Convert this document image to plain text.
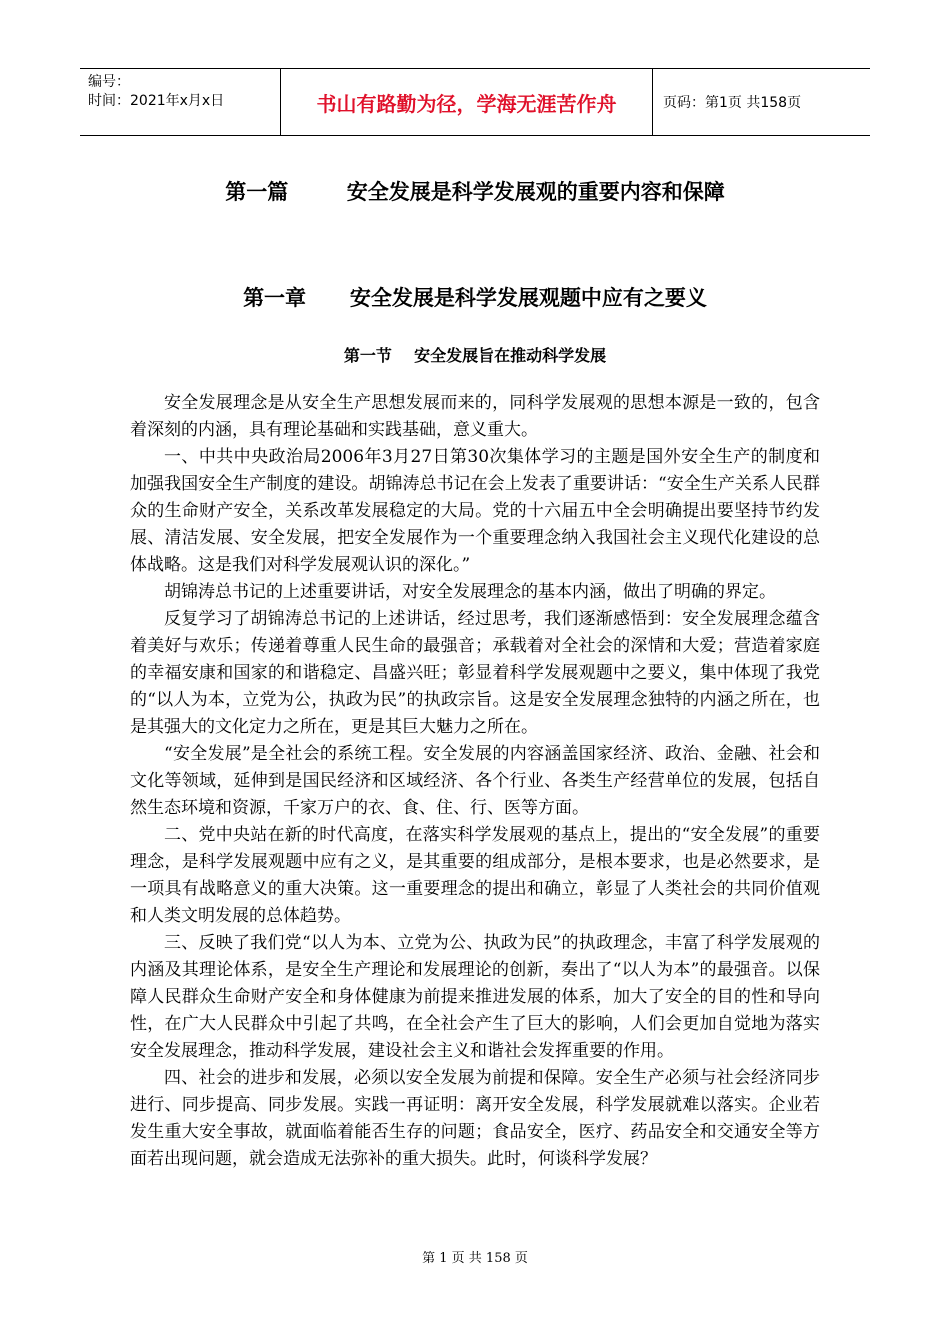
编号：
时间：2021年x月x日	书山有路勤为径，学海无涯苦作舟	页码：第1页 共158页
第一篇        安全发展是科学发展观的重要内容和保障
第一章      安全发展是科学发展观题中应有之要义
第一节    安全发展旨在推动科学发展

安全发展理念是从安全生产思想发展而来的，同科学发展观的思想本源是一致的，包含着深刻的内涵，具有理论基础和实践基础，意义重大。

一、中共中央政治局2006年3月27日第30次集体学习的主题是国外安全生产的制度和加强我国安全生产制度的建设。胡锦涛总书记在会上发表了重要讲话：“安全生产关系人民群众的生命财产安全，关系改革发展稳定的大局。党的十六届五中全会明确提出要坚持节约发展、清洁发展、安全发展，把安全发展作为一个重要理念纳入我国社会主义现代化建设的总体战略。这是我们对科学发展观认识的深化。”

胡锦涛总书记的上述重要讲话，对安全发展理念的基本内涵，做出了明确的界定。

反复学习了胡锦涛总书记的上述讲话，经过思考，我们逐渐感悟到：安全发展理念蕴含着美好与欢乐；传递着尊重人民生命的最强音；承载着对全社会的深情和大爱；营造着家庭的幸福安康和国家的和谐稳定、昌盛兴旺；彰显着科学发展观题中之要义，集中体现了我党的“以人为本，立党为公，执政为民”的执政宗旨。这是安全发展理念独特的内涵之所在，也是其强大的文化定力之所在，更是其巨大魅力之所在。

“安全发展”是全社会的系统工程。安全发展的内容涵盖国家经济、政治、金融、社会和文化等领域，延伸到是国民经济和区域经济、各个行业、各类生产经营单位的发展，包括自然生态环境和资源，千家万户的衣、食、住、行、医等方面。

二、党中央站在新的时代高度，在落实科学发展观的基点上，提出的“安全发展”的重要理念，是科学发展观题中应有之义，是其重要的组成部分，是根本要求，也是必然要求，是一项具有战略意义的重大决策。这一重要理念的提出和确立，彰显了人类社会的共同价值观和人类文明发展的总体趋势。

三、反映了我们党“以人为本、立党为公、执政为民”的执政理念，丰富了科学发展观的内涵及其理论体系，是安全生产理论和发展理论的创新，奏出了“以人为本”的最强音。以保障人民群众生命财产安全和身体健康为前提来推进发展的体系，加大了安全的目的性和导向性，在广大人民群众中引起了共鸣，在全社会产生了巨大的影响，人们会更加自觉地为落实安全发展理念，推动科学发展，建设社会主义和谐社会发挥重要的作用。

四、社会的进步和发展，必须以安全发展为前提和保障。安全生产必须与社会经济同步进行、同步提高、同步发展。实践一再证明：离开安全发展，科学发展就难以落实。企业若发生重大安全事故，就面临着能否生存的问题；食品安全，医疗、药品安全和交通安全等方面若出现问题，就会造成无法弥补的重大损失。此时，何谈科学发展？

第 1 页 共 158 页
